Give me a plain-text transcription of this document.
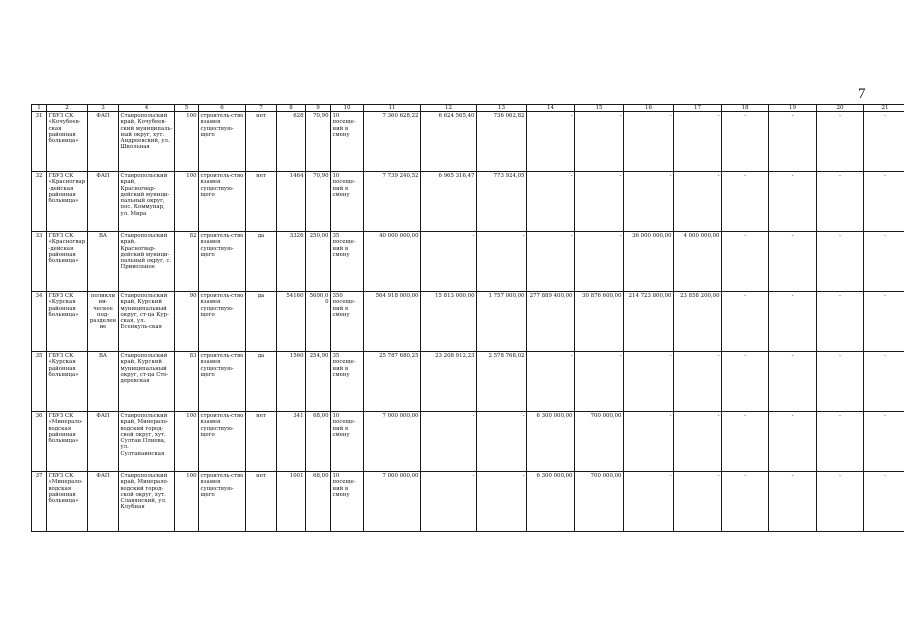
7
1	2	3	4	5	6	7	8	9	10	11	12	13	14	15	16	17	18	19	20	21
31	ГБУЗ СК «Кочубеев-ская районная больница»	ФАП	Ставропольский край, Кочубеев-ский муниципаль-ный округ, хут. Андреевский, ул. Школьная	100	строитель-ство взамен существую-щего	нет	628	70,90	10 посеще-ний в смену	7 360 628,22	6 624 565,40	736 062,82	-	-	-	-	-	-	-	-
32	ГБУЗ СК «Красногвар-дейская районная больница»	ФАП	Ставропольский край, Красногвар-дейский муници-пальный округ, пос. Коммунар, ул. Мира	100	строитель-ство взамен существую-щего	нет	1464	70,90	10 посеще-ний в смену	7 739 240,52	6 965 316,47	773 924,05	-	-	-	-	-	-	-	-
33	ГБУЗ СК «Красногвар-дейская районная больница»	ВА	Ставропольский край, Красногвар-дейский муници-пальный округ, с. Привольное	82	строитель-ство взамен существую-щего	да	3326	250,00	35 посеще-ний в смену	40 000 000,00	-	-	-	-	36 000 000,00	4 000 000,00	-	-	-	-
34	ГБУЗ СК «Курская районная больница»	поликлини-ческое под-разделение	Ставропольский край, Курский муниципальный округ, ст-ца Кур-ская, ул. Есенкуль-ская	90	строитель-ство взамен существую-щего	да	54160	5600,00	350 посеще-ний в смену	564 918 000,00	15 813 000,00	1 757 000,00	277 889 400,00	30 876 600,00	214 723 800,00	23 858 200,00	-	-	-	-
35	ГБУЗ СК «Курская районная больница»	ВА	Ставропольский край, Курский муниципальный округ, ст-ца Сто-деревская	83	строитель-ство взамен существую-щего	да	1560	254,90	35 посеще-ний в смену	25 787 680,25	23 208 912,23	2 578 768,02	-	-	-	-	-	-	-	-
36	ГБУЗ СК «Минерало-водская районная больница»	ФАП	Ставропольский край, Минерало-водский город-ской округ, хут. Султан Плиева, ул. Султанаинская	100	строитель-ство взамен существую-щего	нет	341	68,00	10 посеще-ний в смену	7 000 000,00	-	-	6 300 000,00	700 000,00	-	-	-	-	-	-
37	ГБУЗ СК «Минерало-водская районная больница»	ФАП	Ставропольский край, Минерало-водский город-ской округ, хут. Славянский, ул. Клубная	100	строитель-ство взамен существую-щего	нет	1001	68,00	10 посеще-ний в смену	7 000 000,00	-	-	6 300 000,00	700 000,00	-	-	-	-	-	-
